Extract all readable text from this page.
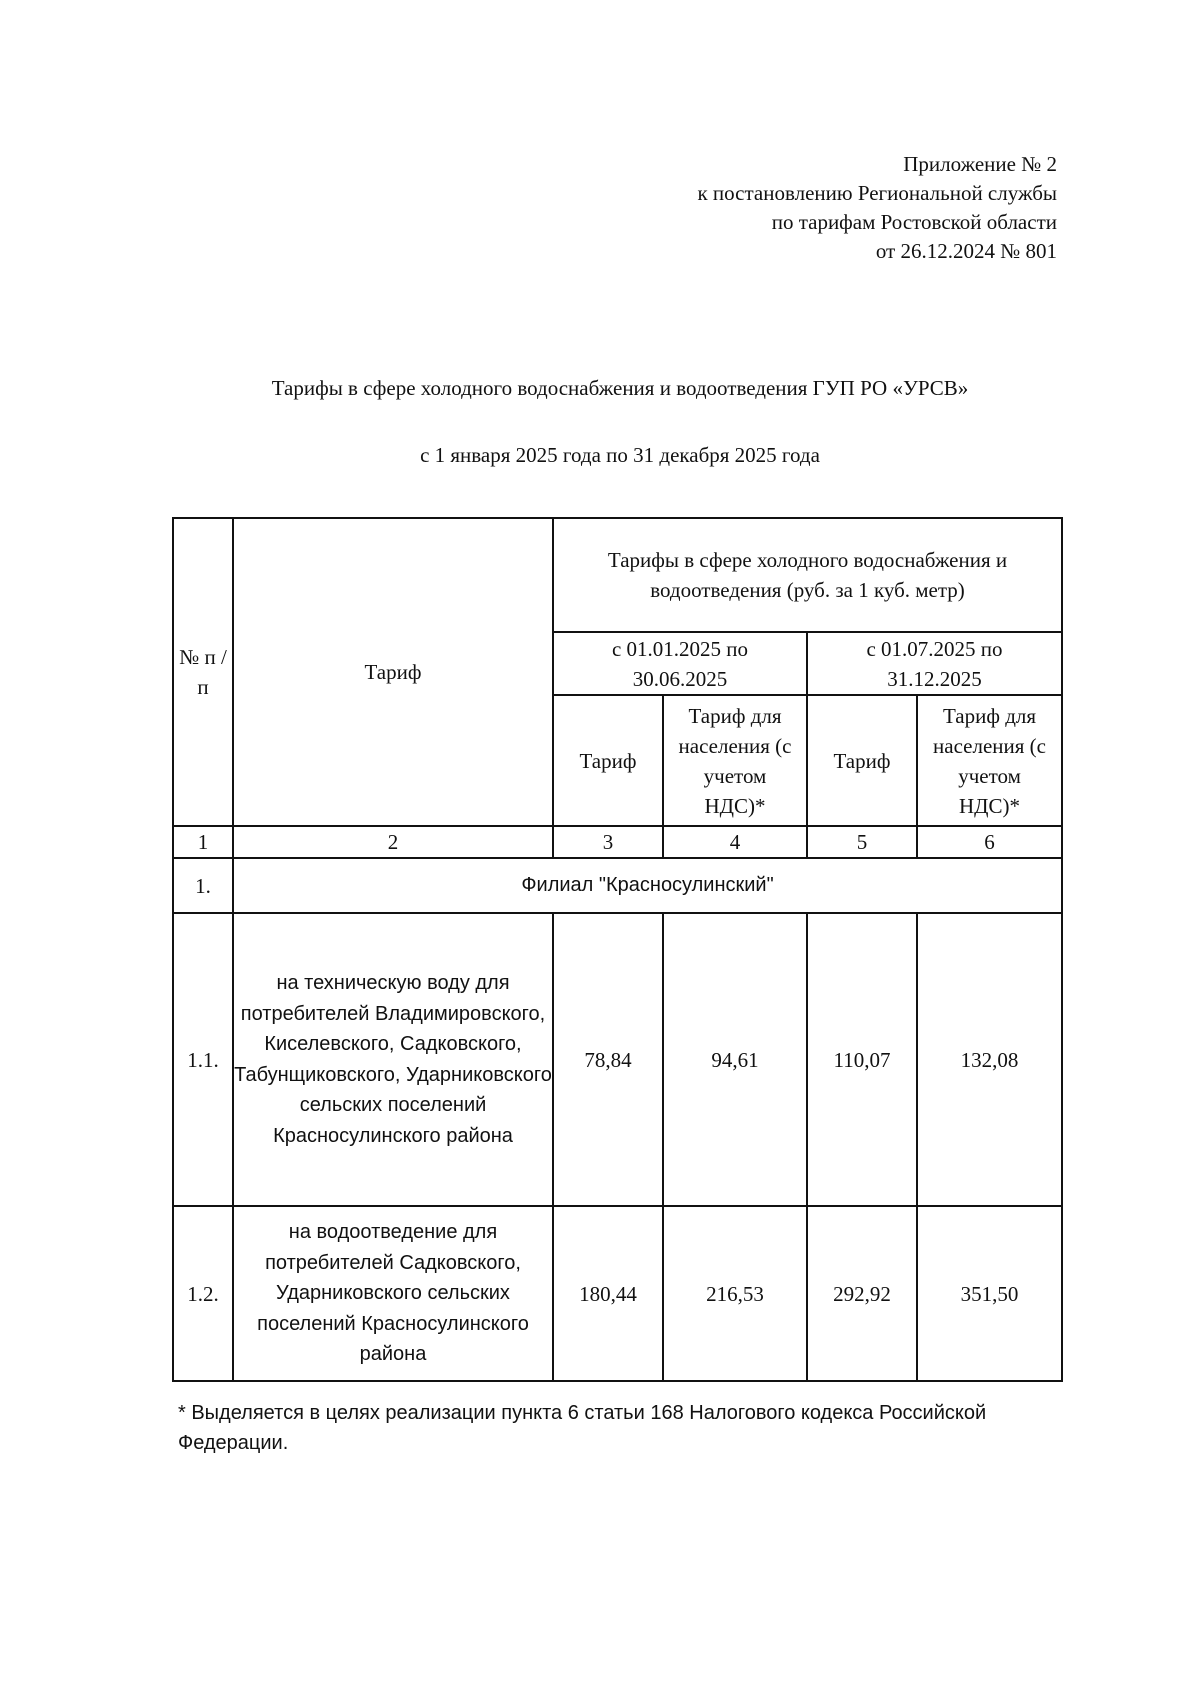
Приложение № 2
к постановлению Региональной службы
по тарифам Ростовской области
от 26.12.2024 № 801
Тарифы в сфере холодного водоснабжения и водоотведения ГУП РО «УРСВ»
с 1 января 2025 года по 31 декабря 2025 года
№ п /п	Тариф	Тарифы в сфере холодного водоснабжения и водоотведения (руб. за 1 куб. метр)			
		с 01.01.2025 по 30.06.2025		с 01.07.2025 по 31.12.2025	
		Тариф	Тариф для населения (с учетом НДС)*	Тариф	Тариф для населения (с учетом НДС)*
1	2	3	4	5	6
1.	Филиал "Красносулинский"				
1.1.	на техническую воду для потребителей Владимировского, Киселевского, Садковского, Табунщиковского, Ударниковского сельских поселений Красносулинского района	78,84	94,61	110,07	132,08
1.2.	на водоотведение для потребителей Садковского, Ударниковского сельских поселений Красносулинского района	180,44	216,53	292,92	351,50
* Выделяется в целях реализации пункта 6 статьи 168 Налогового кодекса Российской Федерации.
